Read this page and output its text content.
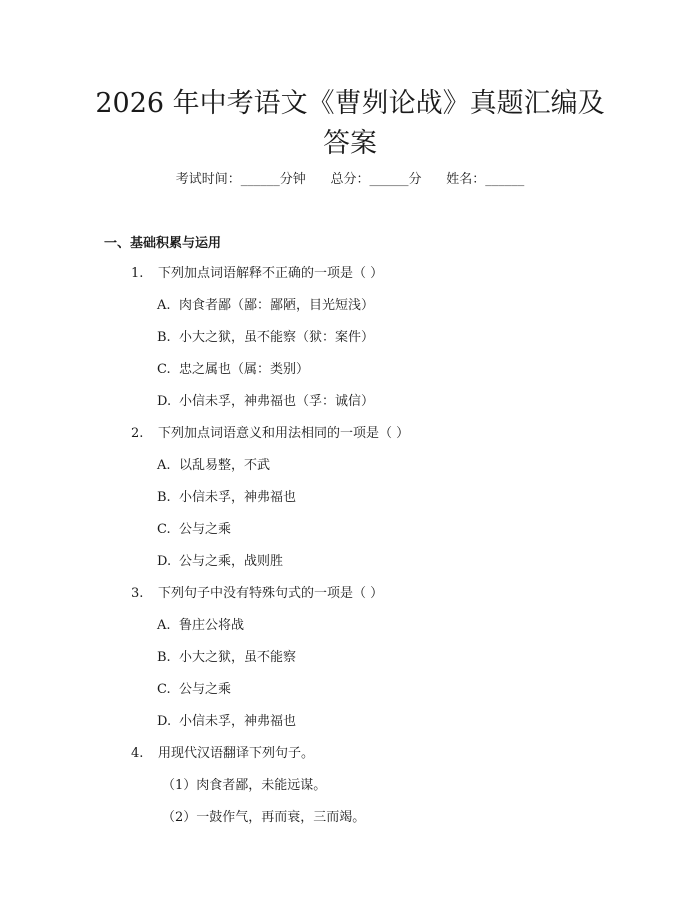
2026 年中考语文《曹刿论战》真题汇编及答案
考试时间：______分钟      总分：______分      姓名：______
一、基础积累与运用
1. 下列加点词语解释不正确的一项是（ ）
A. 肉食者鄙（鄙：鄙陋，目光短浅）
B. 小大之狱，虽不能察（狱：案件）
C. 忠之属也（属：类别）
D. 小信未孚，神弗福也（孚：诚信）
2. 下列加点词语意义和用法相同的一项是（ ）
A. 以乱易整，不武
B. 小信未孚，神弗福也
C. 公与之乘
D. 公与之乘，战则胜
3. 下列句子中没有特殊句式的一项是（ ）
A. 鲁庄公将战
B. 小大之狱，虽不能察
C. 公与之乘
D. 小信未孚，神弗福也
4. 用现代汉语翻译下列句子。
（1）肉食者鄙，未能远谋。
（2）一鼓作气，再而衰，三而竭。
